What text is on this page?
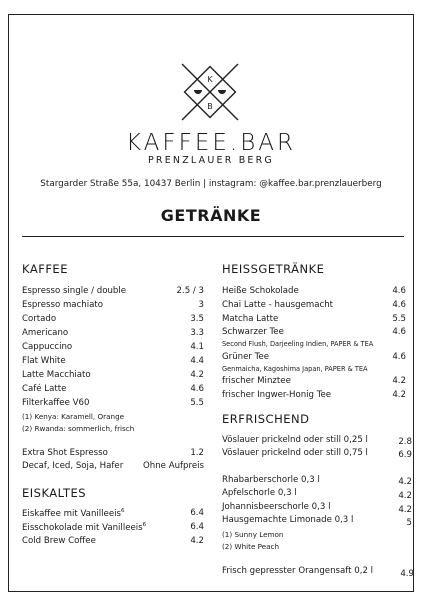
K
B
KAFFEE.BAR
PRENZLAUER BERG
Stargarder Straße 55a, 10437 Berlin | instagram: @kaffee.bar.prenzlauerberg
GETRÄNKE
KAFFEE
Espresso single / double	2.5 / 3
Espresso machiato	3
Cortado	3.5
Americano	3.3
Cappuccino	4.1
Flat White	4.4
Latte Macchiato	4.2
Café Latte	4.6
Filterkaffee V60	5.5
(1) Kenya: Karamell, Orange
(2) Rwanda: sommerlich, frisch
Extra Shot Espresso	1.2
Decaf, Iced, Soja, Hafer Ohne Aufpreis
EISKALTES
Eiskaffee mit Vanilleeis$^6$	6.4
Eisschokolade mit Vanilleeis$^6$	6.4
Cold Brew Coffee	4.2
HEISSGETRÄNKE
Heiße Schokolade	4.6
Chai Latte - hausgemacht	4.6
Matcha Latte	5.5
Schwarzer Tee	4.6
Second Flush, Darjeeling Indien, PAPER & TEA
Grüner Tee	4.6
Genmaicha, Kagoshima Japan, PAPER & TEA
frischer Minztee	4.2
frischer Ingwer-Honig Tee	4.2
ERFRISCHEND
Vöslauer prickelnd oder still 0,25 l	2.8
Vöslauer prickelnd oder still 0,75 l	6.9
Rhabarberschorle 0,3 l	4.2
Apfelschorle 0,3 l	4.2
Johannisbeerschorle 0,3 l	4.2
Hausgemachte Limonade 0,3 l	5
(1) Sunny Lemon
(2) White Peach
Frisch gepresster Orangensaft 0,2 l	4.9
